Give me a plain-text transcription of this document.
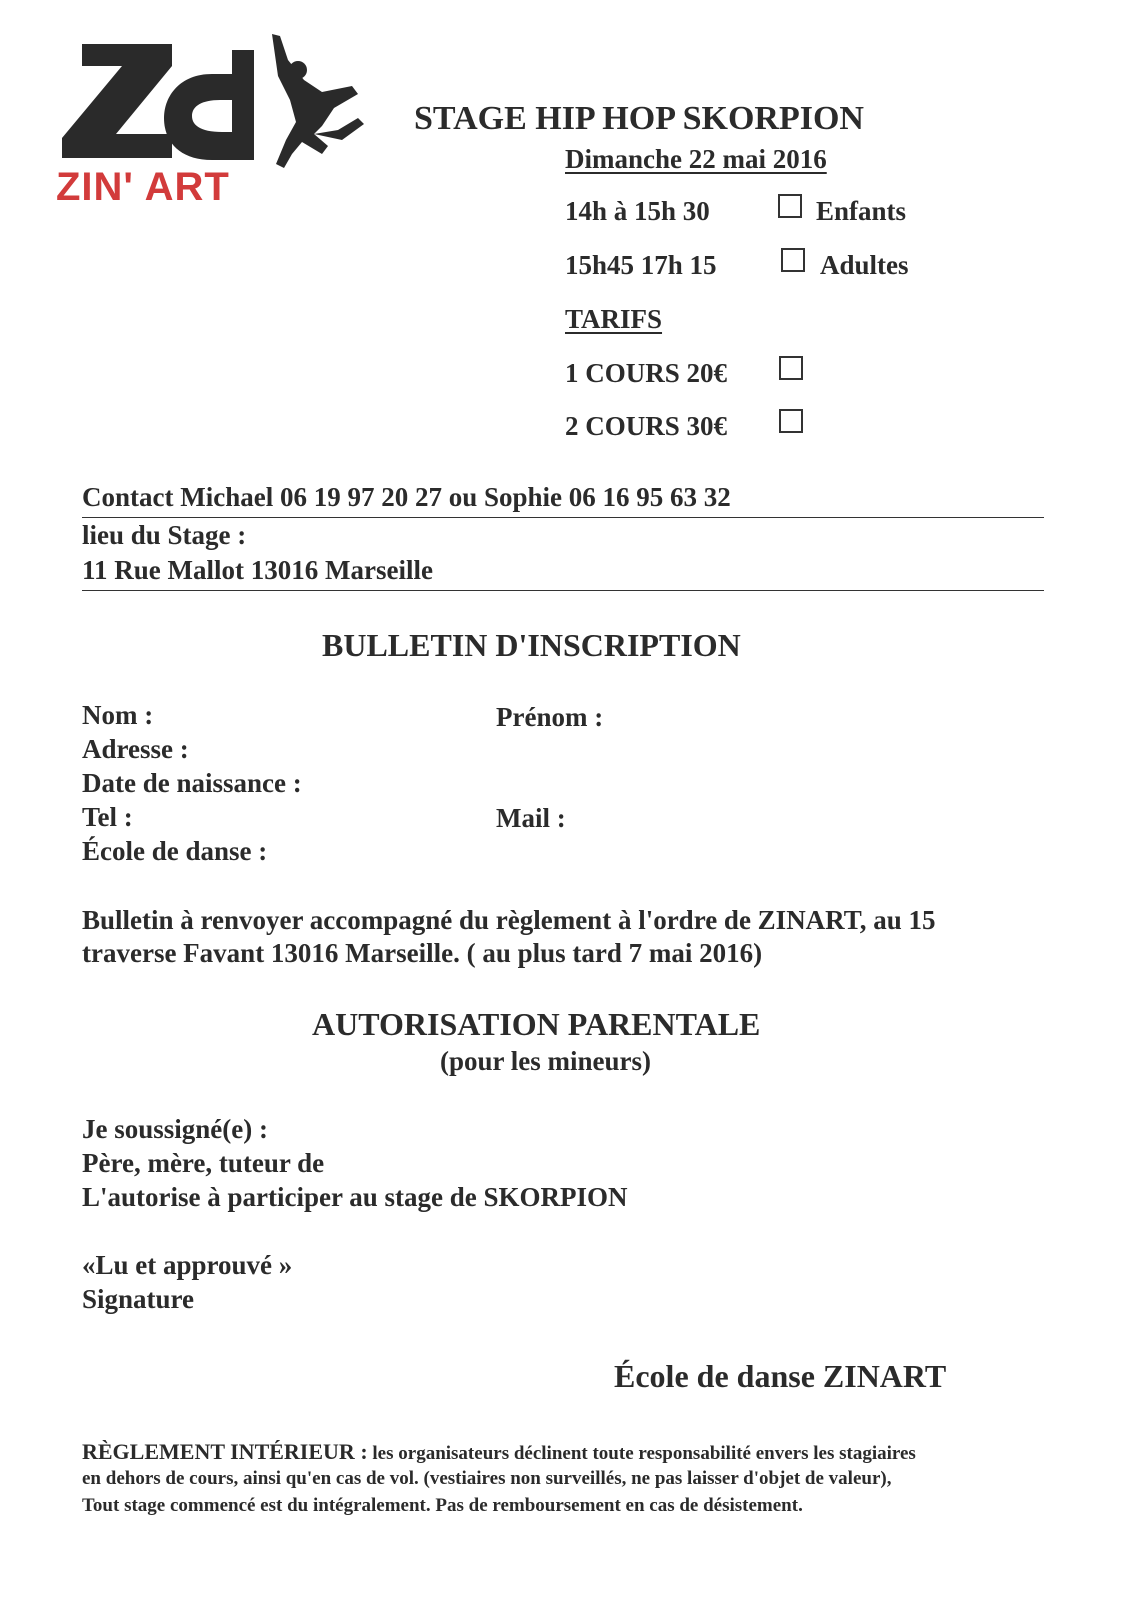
ZIN' ART
STAGE HIP HOP SKORPION
Dimanche 22 mai 2016
14h à 15h 30	Enfants
15h45 17h 15	Adultes
TARIFS
1 COURS 20€
2 COURS 30€
Contact Michael 06 19 97 20 27 ou Sophie 06 16 95 63 32
lieu du Stage :
11 Rue Mallot 13016 Marseille
BULLETIN D'INSCRIPTION
Nom :	Prénom :
Adresse :
Date de naissance :
Tel :	Mail :
École de danse :
Bulletin à renvoyer accompagné du règlement à l'ordre de ZINART, au 15
traverse Favant 13016 Marseille. ( au plus tard 7 mai 2016)
AUTORISATION PARENTALE
(pour les mineurs)
Je soussigné(e) :
Père, mère, tuteur de
L'autorise à participer au stage de SKORPION
«Lu et approuvé »
Signature
École de danse ZINART
RÈGLEMENT INTÉRIEUR : les organisateurs déclinent toute responsabilité envers les stagiaires
en dehors de cours, ainsi qu'en cas de vol. (vestiaires non surveillés, ne pas laisser d'objet de valeur),
Tout stage commencé est du intégralement. Pas de remboursement en cas de désistement.
